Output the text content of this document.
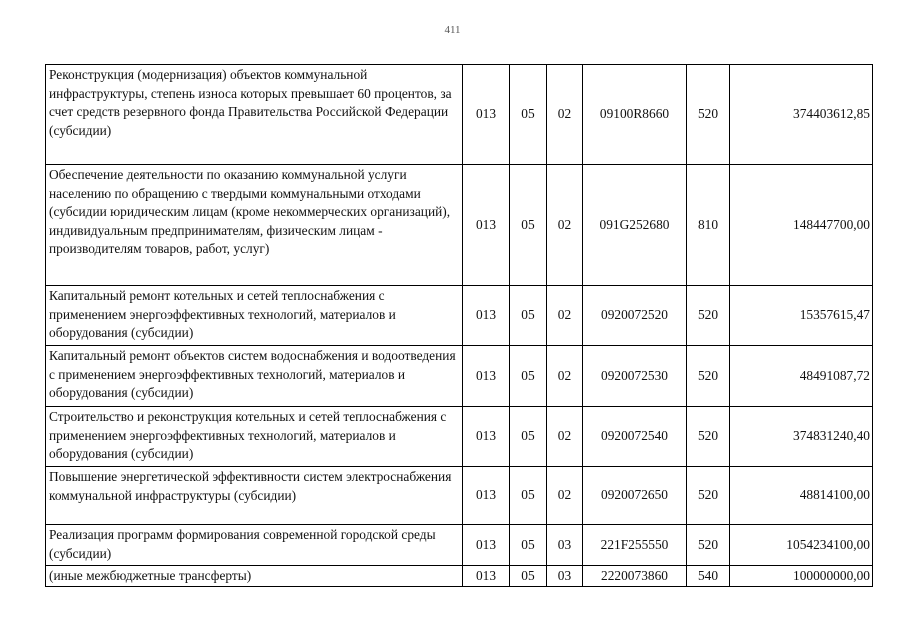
411
Реконструкция (модернизация) объектов коммунальной инфраструктуры, степень износа которых превышает 60 процентов, за счет средств резервного фонда Правительства Российской Федерации (субсидии)	013	05	02	09100R8660	520	374403612,85
Обеспечение деятельности по оказанию коммунальной услуги населению по обращению с твердыми коммунальными отходами (субсидии юридическим лицам (кроме некоммерческих организаций), индивидуальным предпринимателям, физическим лицам - производителям товаров, работ, услуг)	013	05	02	091G252680	810	148447700,00
Капитальный ремонт котельных и сетей теплоснабжения с применением энергоэффективных технологий, материалов и оборудования (субсидии)	013	05	02	0920072520	520	15357615,47
Капитальный ремонт объектов систем водоснабжения и водоотведения с применением энергоэффективных технологий, материалов и оборудования (субсидии)	013	05	02	0920072530	520	48491087,72
Строительство и реконструкция котельных и сетей теплоснабжения с применением энергоэффективных технологий, материалов и оборудования (субсидии)	013	05	02	0920072540	520	374831240,40
Повышение энергетической эффективности систем электроснабжения коммунальной инфраструктуры (субсидии)	013	05	02	0920072650	520	48814100,00
Реализация программ формирования современной городской среды (субсидии)	013	05	03	221F255550	520	1054234100,00
(иные межбюджетные трансферты)	013	05	03	2220073860	540	100000000,00
